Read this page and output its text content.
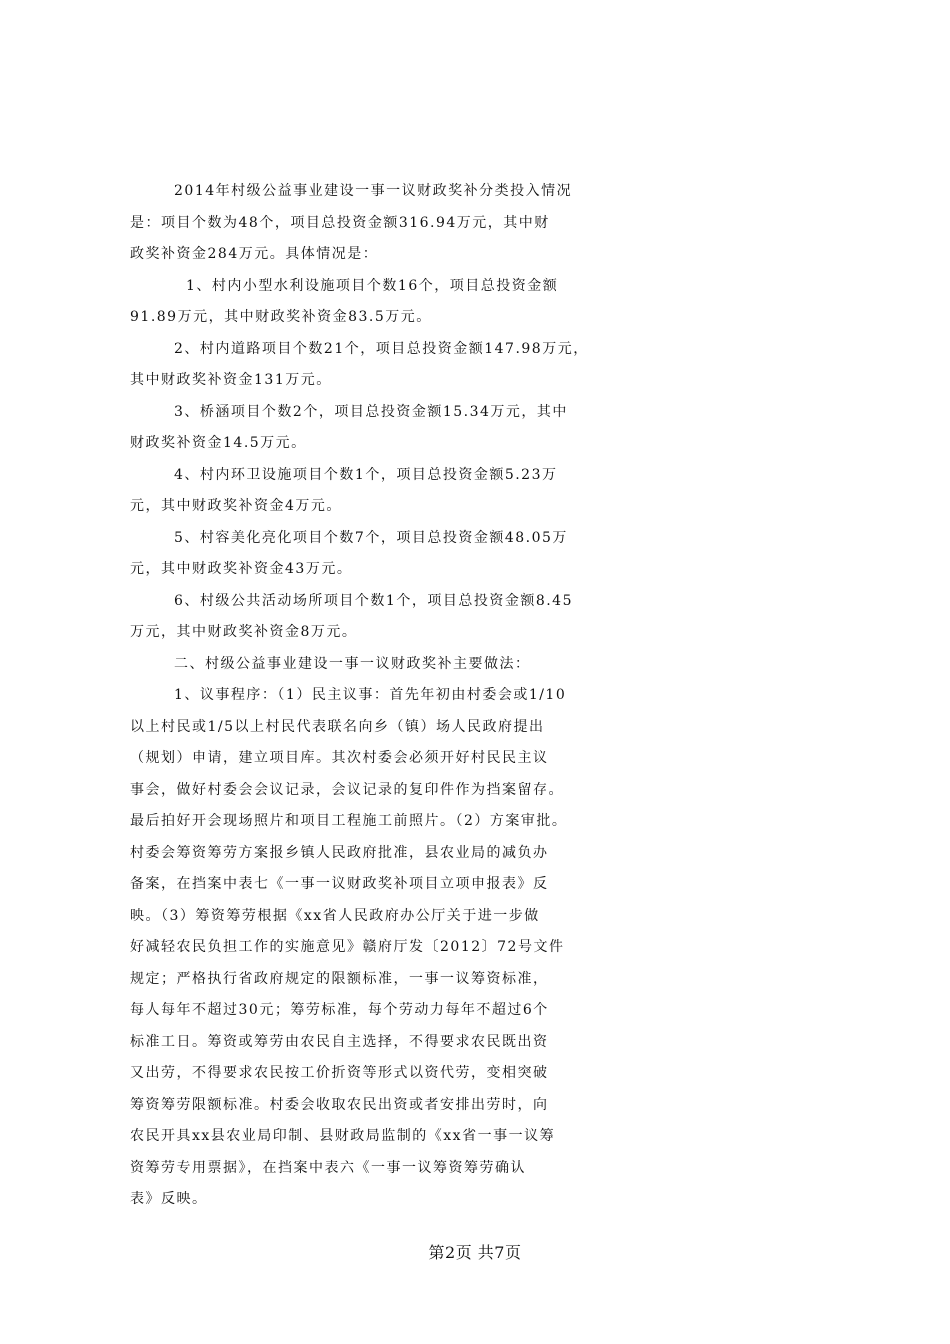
2014年村级公益事业建设一事一议财政奖补分类投入情况
是：项目个数为48个，项目总投资金额316.94万元，其中财
政奖补资金284万元。具体情况是：
1、村内小型水利设施项目个数16个，项目总投资金额
91.89万元，其中财政奖补资金83.5万元。
2、村内道路项目个数21个，项目总投资金额147.98万元，
其中财政奖补资金131万元。
3、桥涵项目个数2个，项目总投资金额15.34万元，其中
财政奖补资金14.5万元。
4、村内环卫设施项目个数1个，项目总投资金额5.23万
元，其中财政奖补资金4万元。
5、村容美化亮化项目个数7个，项目总投资金额48.05万
元，其中财政奖补资金43万元。
6、村级公共活动场所项目个数1个，项目总投资金额8.45
万元，其中财政奖补资金8万元。
二、村级公益事业建设一事一议财政奖补主要做法：
1、议事程序：（1）民主议事：首先年初由村委会或1/10
以上村民或1/5以上村民代表联名向乡（镇）场人民政府提出
（规划）申请，建立项目库。其次村委会必须开好村民民主议
事会，做好村委会会议记录，会议记录的复印件作为挡案留存。
最后拍好开会现场照片和项目工程施工前照片。（2）方案审批。
村委会筹资筹劳方案报乡镇人民政府批准，县农业局的减负办
备案，在挡案中表七《一事一议财政奖补项目立项申报表》反
映。（3）筹资筹劳根据《xx省人民政府办公厅关于进一步做
好减轻农民负担工作的实施意见》赣府厅发〔2012〕72号文件
规定；严格执行省政府规定的限额标准，一事一议筹资标准，
每人每年不超过30元；筹劳标准，每个劳动力每年不超过6个
标准工日。筹资或筹劳由农民自主选择，不得要求农民既出资
又出劳，不得要求农民按工价折资等形式以资代劳，变相突破
筹资筹劳限额标准。村委会收取农民出资或者安排出劳时，向
农民开具xx县农业局印制、县财政局监制的《xx省一事一议筹
资筹劳专用票据》，在挡案中表六《一事一议筹资筹劳确认
表》反映。
第2页 共7页
